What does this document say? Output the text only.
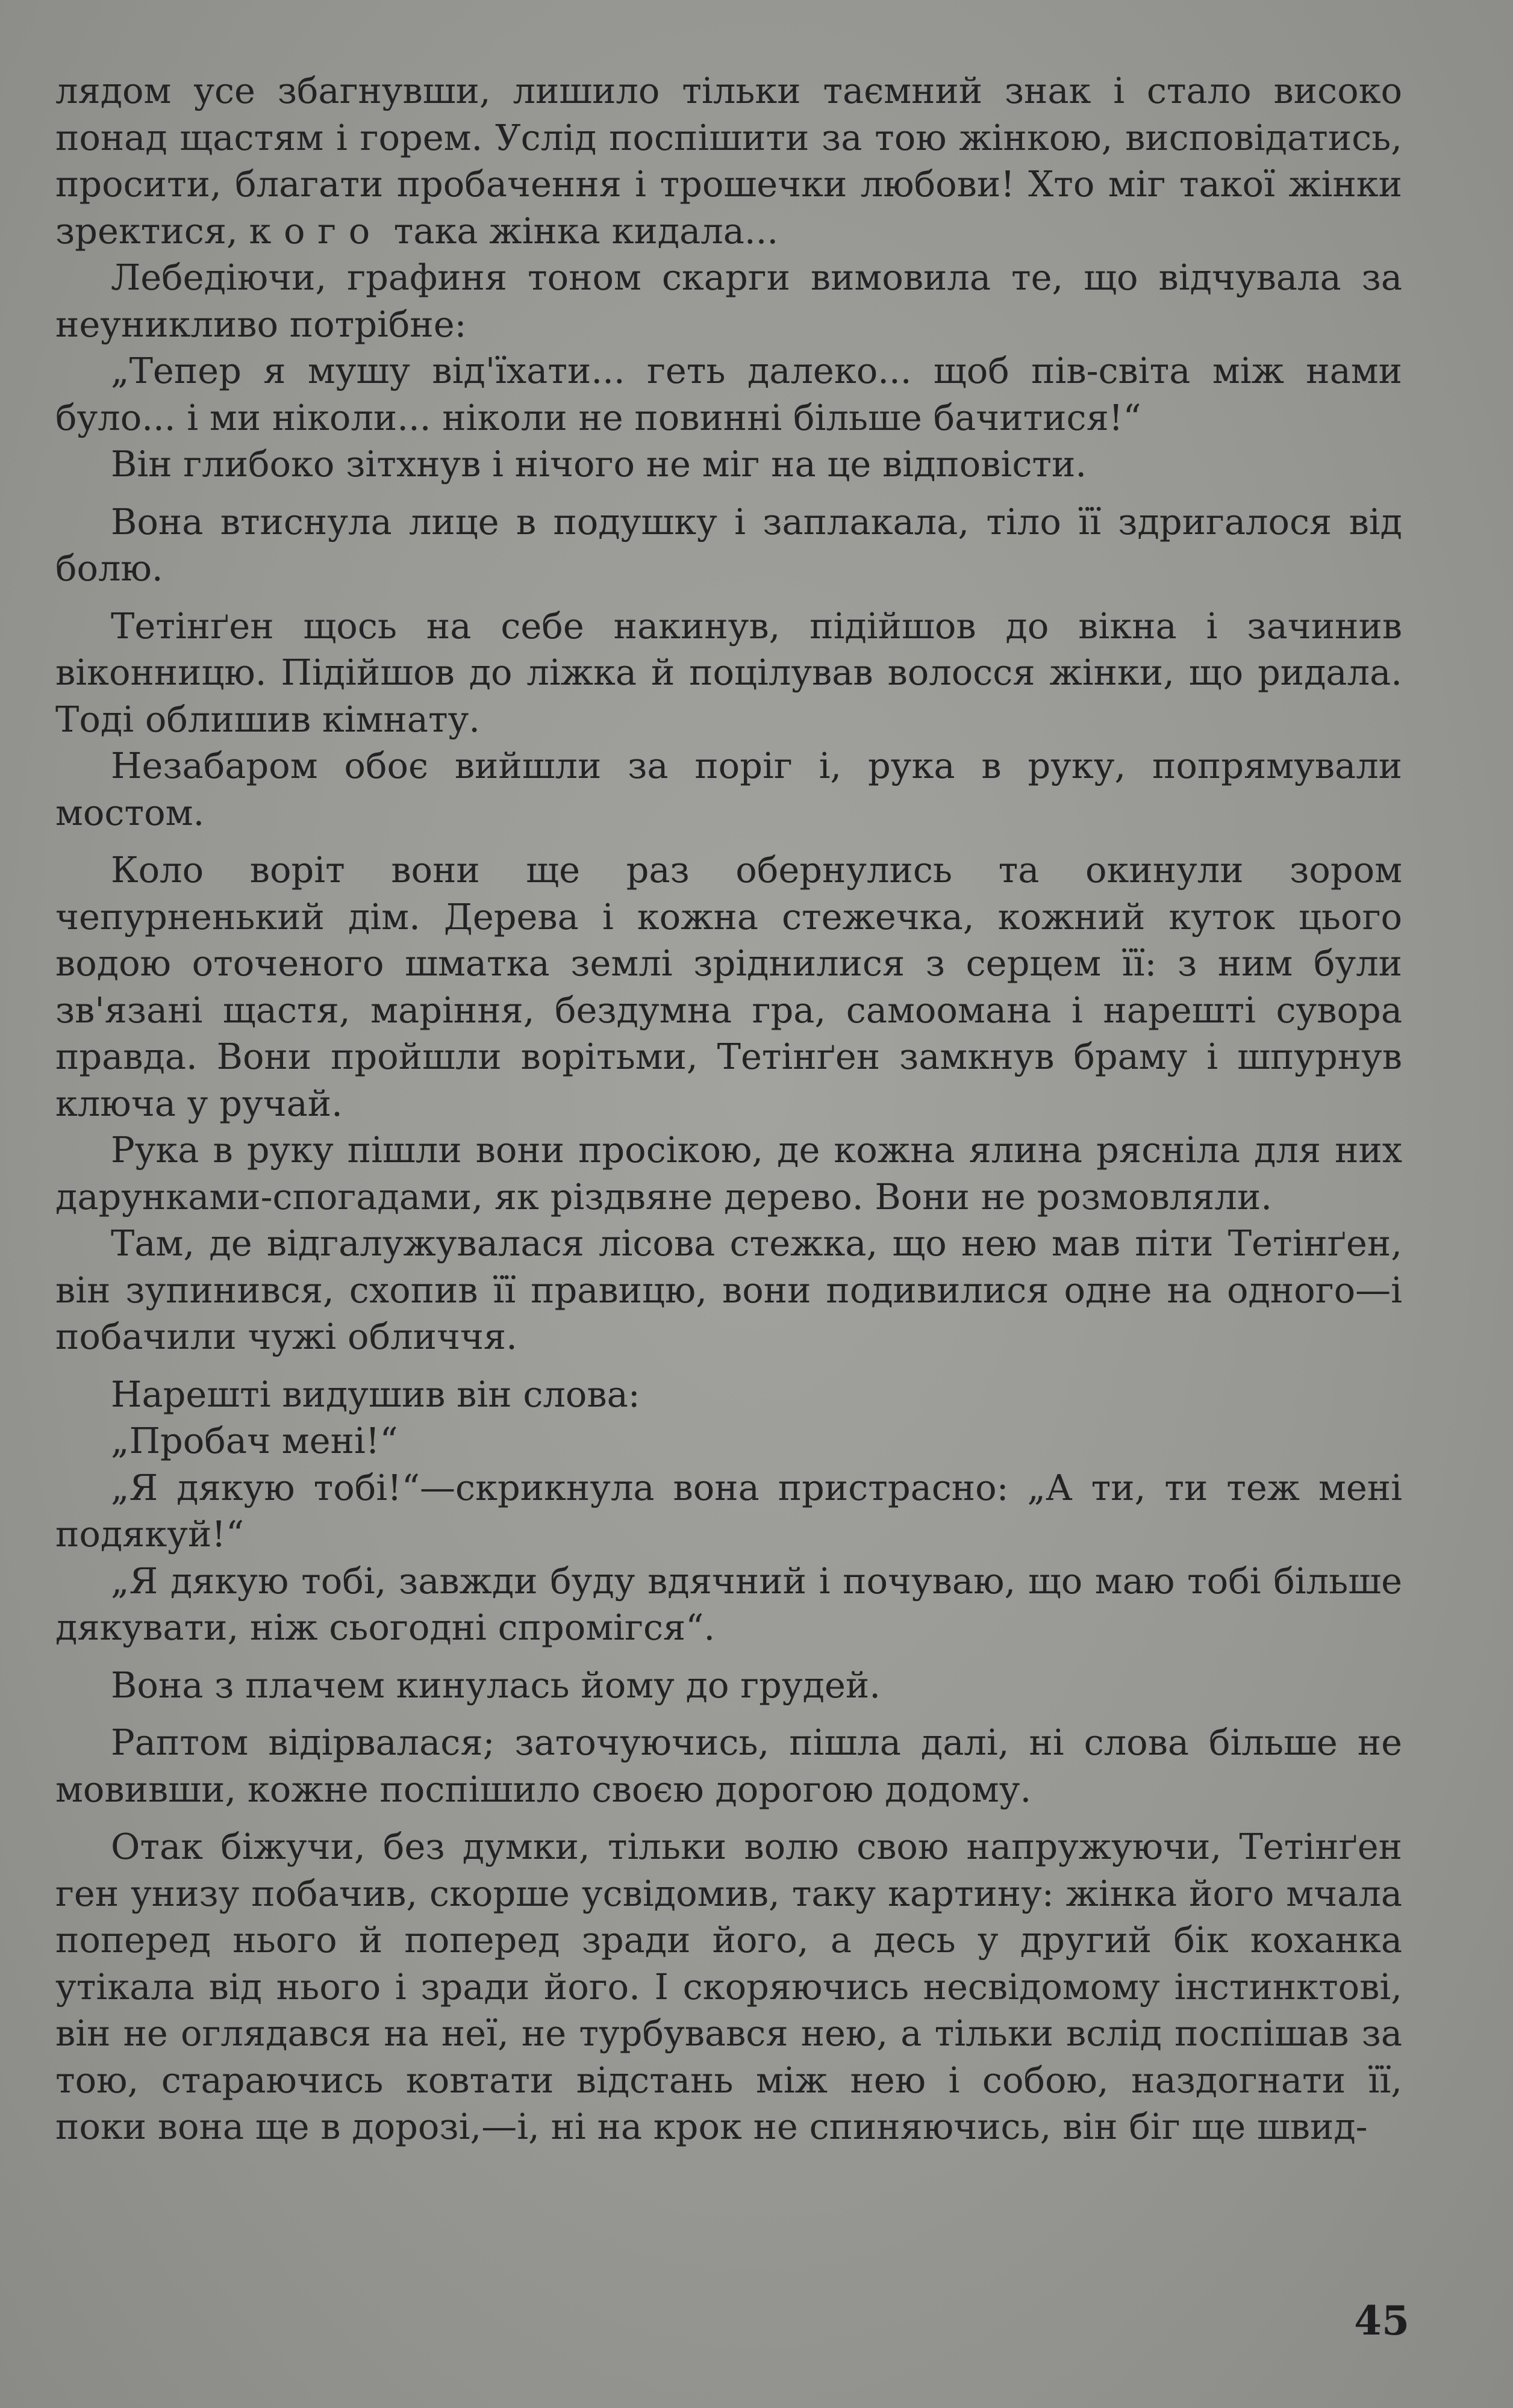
лядом усе збагнувши, лишило тільки таємний знак і стало високо понад щастям і горем. Услід поспішити за тою жінкою, висповідатись, просити, благати пробачення і трошечки любови! Хто міг такої жінки зректися, кого така жінка кидала...

Лебедіючи, графиня тоном скарги вимовила те, що відчувала за неуникливо потрібне:

„Тепер я мушу від'їхати... геть далеко... щоб пів-світа між нами було... і ми ніколи... ніколи не повинні більше бачитися!“

Він глибоко зітхнув і нічого не міг на це відповісти.

Вона втиснула лице в подушку і заплакала, тіло її здригалося від болю.

Тетінґен щось на себе накинув, підійшов до вікна і зачинив віконницю. Підійшов до ліжка й поцілував волосся жінки, що ридала. Тоді облишив кімнату.

Незабаром обоє вийшли за поріг і, рука в руку, попрямували мостом.

Коло воріт вони ще раз обернулись та окинули зором чепурненький дім. Дерева і кожна стежечка, кожний куток цього водою оточеного шматка землі зріднилися з серцем її: з ним були зв'язані щастя, маріння, бездумна гра, самоомана і нарешті сувора правда. Вони пройшли ворітьми, Тетінґен замкнув браму і шпурнув ключа у ручай.

Рука в руку пішли вони просікою, де кожна ялина рясніла для них дарунками-спогадами, як різдвяне дерево. Вони не розмовляли.

Там, де відгалужувалася лісова стежка, що нею мав піти Тетінґен, він зупинився, схопив її правицю, вони подивилися одне на одного—і побачили чужі обличчя.

Нарешті видушив він слова:

„Пробач мені!“

„Я дякую тобі!“—скрикнула вона пристрасно: „А ти, ти теж мені подякуй!“

„Я дякую тобі, завжди буду вдячний і почуваю, що маю тобі більше дякувати, ніж сьогодні спромігся“.

Вона з плачем кинулась йому до грудей.

Раптом відірвалася; заточуючись, пішла далі, ні слова більше не мовивши, кожне поспішило своєю дорогою додому.

Отак біжучи, без думки, тільки волю свою напружуючи, Тетінґен ген унизу побачив, скорше усвідомив, таку картину: жінка його мчала поперед нього й поперед зради його, а десь у другий бік коханка утікала від нього і зради його. І скоряючись несвідомому інстинктові, він не оглядався на неї, не турбувався нею, а тільки вслід поспішав за тою, стараючись ковтати відстань між нею і собою, наздогнати її, поки вона ще в дорозі,—і, ні на крок не спиняючись, він біг ще швид-

45
